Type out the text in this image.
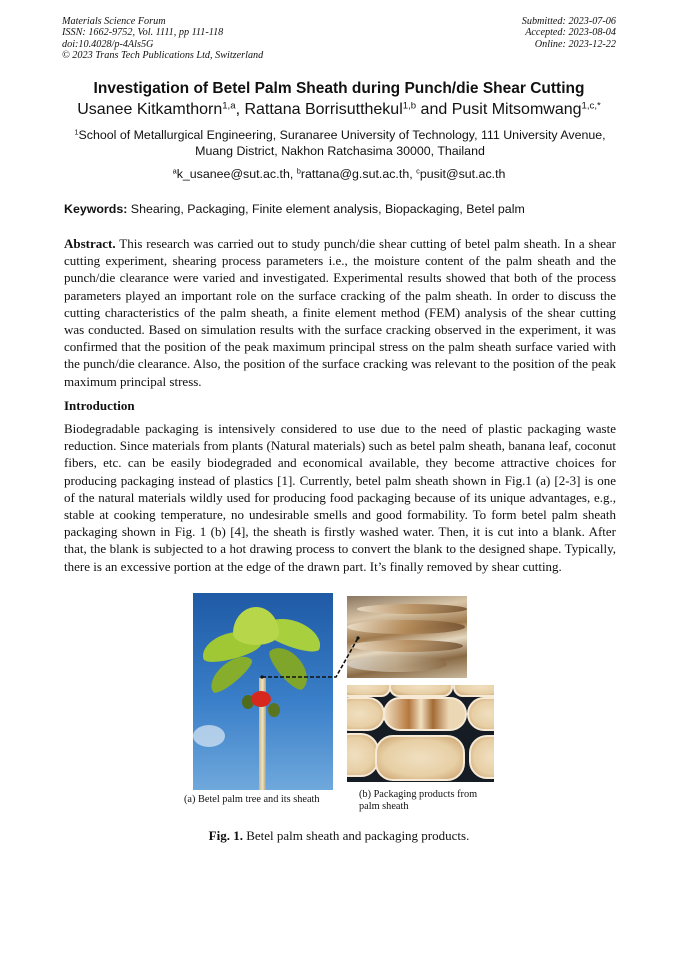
Materials Science Forum
ISSN: 1662-9752, Vol. 1111, pp 111-118
doi:10.4028/p-4Als5G
© 2023 Trans Tech Publications Ltd, Switzerland
Submitted: 2023-07-06
Accepted: 2023-08-04
Online: 2023-12-22
Investigation of Betel Palm Sheath during Punch/die Shear Cutting
Usanee Kitkamthorn$^{1,a}$, Rattana Borrisutthekul$^{1,b}$ and Pusit Mitsomwang$^{1,c,*}$
$^1$School of Metallurgical Engineering, Suranaree University of Technology, 111 University Avenue, Muang District, Nakhon Ratchasima 30000, Thailand
$^a$k_usanee@sut.ac.th, $^b$rattana@g.sut.ac.th, $^c$pusit@sut.ac.th
Keywords: Shearing, Packaging, Finite element analysis, Biopackaging, Betel palm
Abstract. This research was carried out to study punch/die shear cutting of betel palm sheath. In a shear cutting experiment, shearing process parameters i.e., the moisture content of the palm sheath and the punch/die clearance were varied and investigated. Experimental results showed that both of the process parameters played an important role on the surface cracking of the palm sheath. In order to discuss the cutting characteristics of the palm sheath, a finite element method (FEM) analysis of the shear cutting was conducted. Based on simulation results with the surface cracking observed in the experiment, it was confirmed that the position of the peak maximum principal stress on the palm sheath surface varied with the punch/die clearance. Also, the position of the surface cracking was relevant to the position of the peak maximum principal stress.
Introduction
Biodegradable packaging is intensively considered to use due to the need of plastic packaging waste reduction. Since materials from plants (Natural materials) such as betel palm sheath, banana leaf, coconut fibers, etc. can be easily biodegraded and economical available, they become attractive choices for producing packaging instead of plastics [1]. Currently, betel palm sheath shown in Fig.1 (a) [2-3] is one of the natural materials wildly used for producing food packaging because of its unique advantages, e.g., stable at cooking temperature, no undesirable smells and good formability. To form betel palm sheath packaging shown in Fig. 1 (b) [4], the sheath is firstly washed water. Then, it is cut into a blank. After that, the blank is subjected to a hot drawing process to convert the blank to the designed shape. Typically, there is an excessive portion at the edge of the drawn part. It’s finally removed by shear cutting.
(a) Betel palm tree and its sheath	(b) Packaging products from palm sheath
Fig. 1. Betel palm sheath and packaging products.
